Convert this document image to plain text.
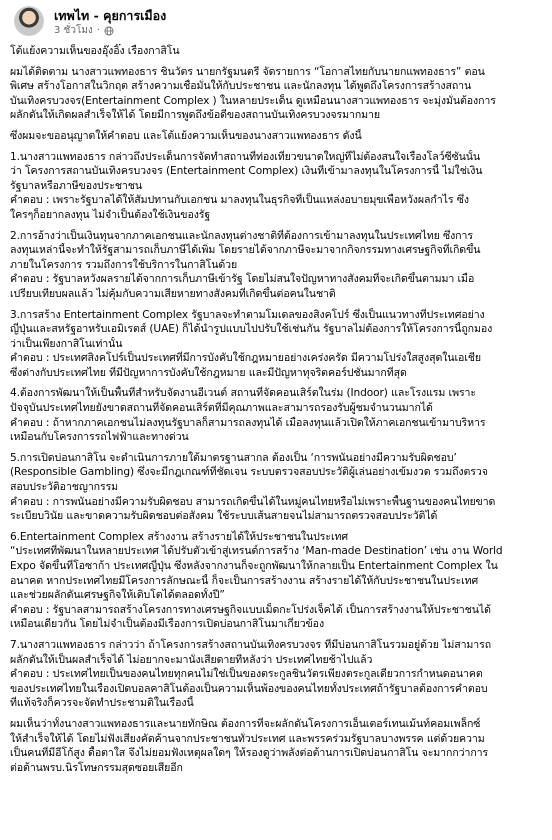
เทพไท - คุยการเมือง
3 ชั่วโมง ·
โต้แย้งความเห็นของอุ๊งอิ๊ง เรื่องกาสิโน
ผมได้ติดตาม นางสาวแพทองธาร ชินวัตร นายกรัฐมนตรี จัดรายการ “โอกาสไทยกับนายกแพทองธาร” ตอน
พิเศษ สร้างโอกาสในวิกฤต สร้างความเชื่อมั่นให้กับประชาชน และนักลงทุน ได้พูดถึงโครงการสร้างสถาน
บันเทิงครบวงจร(Entertainment Complex ) ในหลายประเด็น ดูเหมือนนางสาวแพทองธาร จะมุ่งมั่นต้องการ
ผลักดันให้เกิดผลสำเร็จให้ได้ โดยมีการพูดถึงข้อดีของสถานบันเทิงครบวงจรมากมาย
ซึ่งผมจะขออนุญาตให้คำตอบ และโต้แย้งความเห็นของนางสาวแพทองธาร ดังนี้
1.นางสาวแพทองธาร กล่าวถึงประเด็นการจัดทำสถานที่ท่องเที่ยวขนาดใหญ่ที่ไม่ต้องสนใจเรื่องโลว์ซีซันนั้น
ว่า โครงการสถานบันเทิงครบวงจร (Entertainment Complex) เงินที่เข้ามาลงทุนในโครงการนี้ ไม่ใช่เงิน
รัฐบาลหรือภาษีของประชาชน
คำตอบ : เพราะรัฐบาลได้ให้สัมปทานกับเอกชน มาลงทุนในธุรกิจที่เป็นแหล่งอบายมุขเพื่อหวังผลกำไร ซึ่ง
ใครๆก็อยากลงทุน ไม่จำเป็นต้องใช้เงินของรัฐ
2.การอ้างว่าเป็นเงินทุนจากภาคเอกชนและนักลงทุนต่างชาติที่ต้องการเข้ามาลงทุนในประเทศไทย ซึ่งการ
ลงทุนเหล่านี้จะทำให้รัฐสามารถเก็บภาษีได้เพิ่ม โดยรายได้จากภาษีจะมาจากกิจกรรมทางเศรษฐกิจที่เกิดขึ้น
ภายในโครงการ รวมถึงการใช้บริการในกาสิโนด้วย
คำตอบ : รัฐบาลหวังผลรายได้จากการเก็บภาษีเข้ารัฐ โดยไม่สนใจปัญหาทางสังคมที่จะเกิดขึ้นตามมา เมื่อ
เปรียบเทียบผลแล้ว ไม่คุ้มกับความเสียหายทางสังคมที่เกิดขึ้นต่อคนในชาติ
3.การสร้าง Entertainment Complex รัฐบาลจะทำตามโมเดลของสิงคโปร์ ซึ่งเป็นแนวทางที่ประเทศอย่าง
ญี่ปุ่นและสหรัฐอาหรับเอมิเรตส์ (UAE) ก็ได้นำรูปแบบไปปรับใช้เช่นกัน รัฐบาลไม่ต้องการให้โครงการนี้ถูกมอง
ว่าเป็นเพียงกาสิโนเท่านั้น
คำตอบ : ประเทศสิงคโปร์เป็นประเทศที่มีการบังคับใช้กฎหมายอย่างเคร่งครัด มีความโปร่งใสสูงสุดในเอเชีย
ซึ่งต่างกับประเทศไทย ที่มีปัญหาการบังคับใช้กฎหมาย และมีปัญหาทุจริตคอร์ปชั่นมากที่สุด
4.ต้องการพัฒนาให้เป็นพื้นที่สำหรับจัดงานอีเวนต์ สถานที่จัดคอนเสิร์ตในร่ม (Indoor) และโรงแรม เพราะ
ปัจจุบันประเทศไทยยังขาดสถานที่จัดคอนเสิร์ตที่มีคุณภาพและสามารถรองรับผู้ชมจำนวนมากได้
คำตอบ : ถ้าหากภาคเอกชนไม่ลงทุนรัฐบาลก็สามารถลงทุนได้ เมื่อลงทุนแล้วเปิดให้ภาคเอกชนเข้ามาบริหาร
เหมือนกับโครงการรถไฟฟ้าและทางด่วน
5.การเปิดบ่อนกาสิโน จะดำเนินการภายใต้มาตรฐานสากล ต้องเป็น ‘การพนันอย่างมีความรับผิดชอบ’
(Responsible Gambling) ซึ่งจะมีกฎเกณฑ์ที่ชัดเจน ระบบตรวจสอบประวัติผู้เล่นอย่างเข้มงวด รวมถึงตรวจ
สอบประวัติอาชญากรรม
คำตอบ : การพนันอย่างมีความรับผิดชอบ สามารถเกิดขึ้นได้ในหมู่คนไทยหรือไม่เพราะพื้นฐานของคนไทยขาด
ระเบียบวินัย และขาดความรับผิดชอบต่อสังคม ใช้ระบบเส้นสายจนไม่สามารถตรวจสอบประวัติได้
6.Entertainment Complex สร้างงาน สร้างรายได้ให้ประชาชนในประเทศ
“ประเทศที่พัฒนาในหลายประเทศ ได้ปรับตัวเข้าสู่เทรนด์การสร้าง ‘Man-made Destination’ เช่น งาน World
Expo จัดขึ้นที่โอซาก้า ประเทศญี่ปุ่น ซึ่งหลังจากงานก็จะถูกพัฒนาให้กลายเป็น Entertainment Complex ใน
อนาคต หากประเทศไทยมีโครงการลักษณะนี้ ก็จะเป็นการสร้างงาน สร้างรายได้ให้กับประชาชนในประเทศ
และช่วยผลักดันเศรษฐกิจให้เติบโตได้ตลอดทั้งปี”
คำตอบ : รัฐบาลสามารถสร้างโครงการทางเศรษฐกิจแบบเม็ดกะโปร่งเจ็คได้ เป็นการสร้างงานให้ประชาชนได้
เหมือนเดียวกัน โดยไม่จำเป็นต้องมีเรื่องการเปิดบ่อนกาสิโนมาเกี่ยวข้อง
7.นางสาวแพทองธาร กล่าวว่า ถ้าโครงการสร้างสถานบันเทิงครบวงจร ที่มีบ่อนกาสิโนรวมอยู่ด้วย ไม่สามารถ
ผลักดันให้เป็นผลสำเร็จได้ ไม่อยากจะมานั่งเสียดายทีหลังว่า ประเทศไทยช้าไปแล้ว
คำตอบ : ประเทศไทยเป็นของคนไทยทุกคนไม่ใช่เป็นของตระกูลชินวัตรเพียงตระกูลเดียวการกำหนดอนาคต
ของประเทศไทยในเรื่องเปิดบอลคาสิโนต้องเป็นความเห็นพ้องของคนไทยทั้งประเทศถ้ารัฐบาลต้องการคำตอบ
ที่แท้จริงก็ควรจะจัดทำประชามติในเรื่องนี้
ผมเห็นว่าทั้งนางสาวแพทองธารและนายทักษิณ ต้องการที่จะผลักดันโครงการเอ็นเตอร์เทนเม้นท์คอมเพล็กซ์
ให้สำเร็จให้ได้ โดยไม่ฟังเสียงคัดค้านจากประชาชนทั่วประเทศ และพรรคร่วมรัฐบาลบางพรรค แต่ด้วยความ
เป็นคนที่มีอีโก้สูง ดื้อตาใส จึงไม่ยอมฟังเหตุผลใดๆ ให้รองดูว่าพลังต่อต้านการเปิดบ่อนกาสิโน จะมากกว่าการ
ต่อต้านพรบ.นิรโทษกรรมสุดซอยเสียอีก
